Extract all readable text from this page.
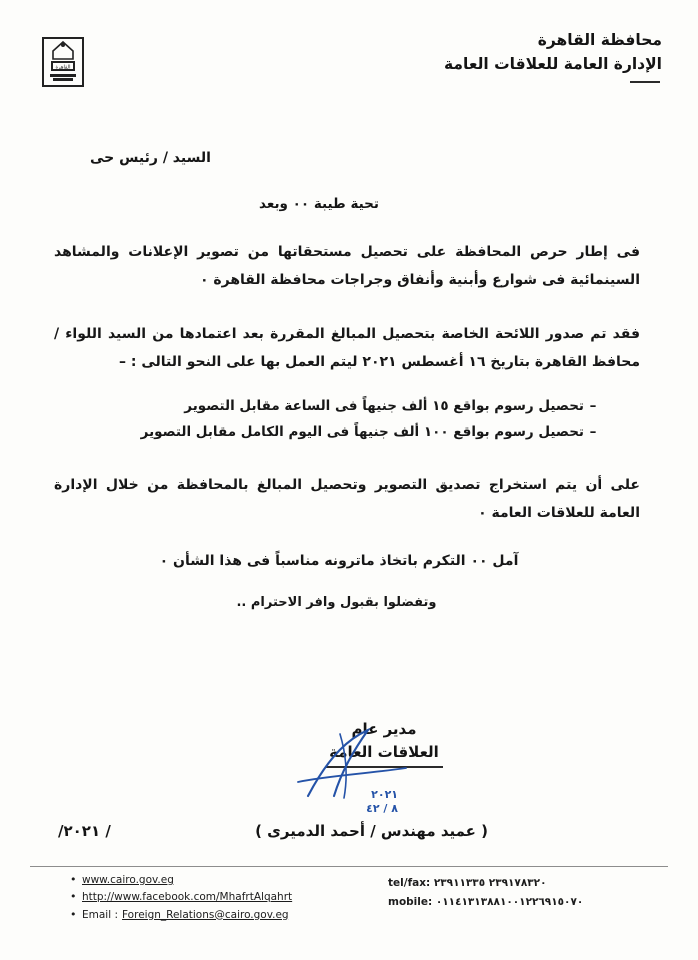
القاهرة
محافظة القاهرة
الإدارة العامة للعلاقات العامة
السيد / رئيس حى
تحية طيبة ٠٠ وبعد
فى إطار حرص المحافظة على تحصيل مستحقاتها من تصوير الإعلانات والمشاهد السينمائية فى شوارع وأبنية وأنفاق وجراجات محافظة القاهرة ٠
فقد تم صدور اللائحة الخاصة بتحصيل المبالغ المقررة بعد اعتمادها من السيد اللواء / محافظ القاهرة بتاريخ ١٦ أغسطس ٢٠٢١ ليتم العمل بها على النحو التالى : –
–
تحصيل رسوم بواقع ١٥ ألف جنيهاً فى الساعة مقابل التصوير
–
تحصيل رسوم بواقع ١٠٠ ألف جنيهاً فى اليوم الكامل مقابل التصوير
على أن يتم استخراج تصديق التصوير وتحصيل المبالغ بالمحافظة من خلال الإدارة العامة للعلاقات العامة ٠
آمل ٠٠ التكرم باتخاذ ماترونه مناسباً فى هذا الشأن ٠
وتفضلوا بقبول وافر الاحترام ..
مدير عام
العلاقات العامة
٢٠٢١
٨ / ٤٢
( عميد مهندس / أحمد الدميرى )
/ ٢٠٢١/
• www.cairo.gov.eg
• http://www.facebook.com/MhafrtAlqahrt
• Email : Foreign_Relations@cairo.gov.eg
tel/fax: ٢٣٩١٧٨٣٢٠ ٢٣٩١١٣٣٥
mobile: ٠١١٤١٣١٣٨٨١٠٠١٢٢٦٩١٥٠٧٠
